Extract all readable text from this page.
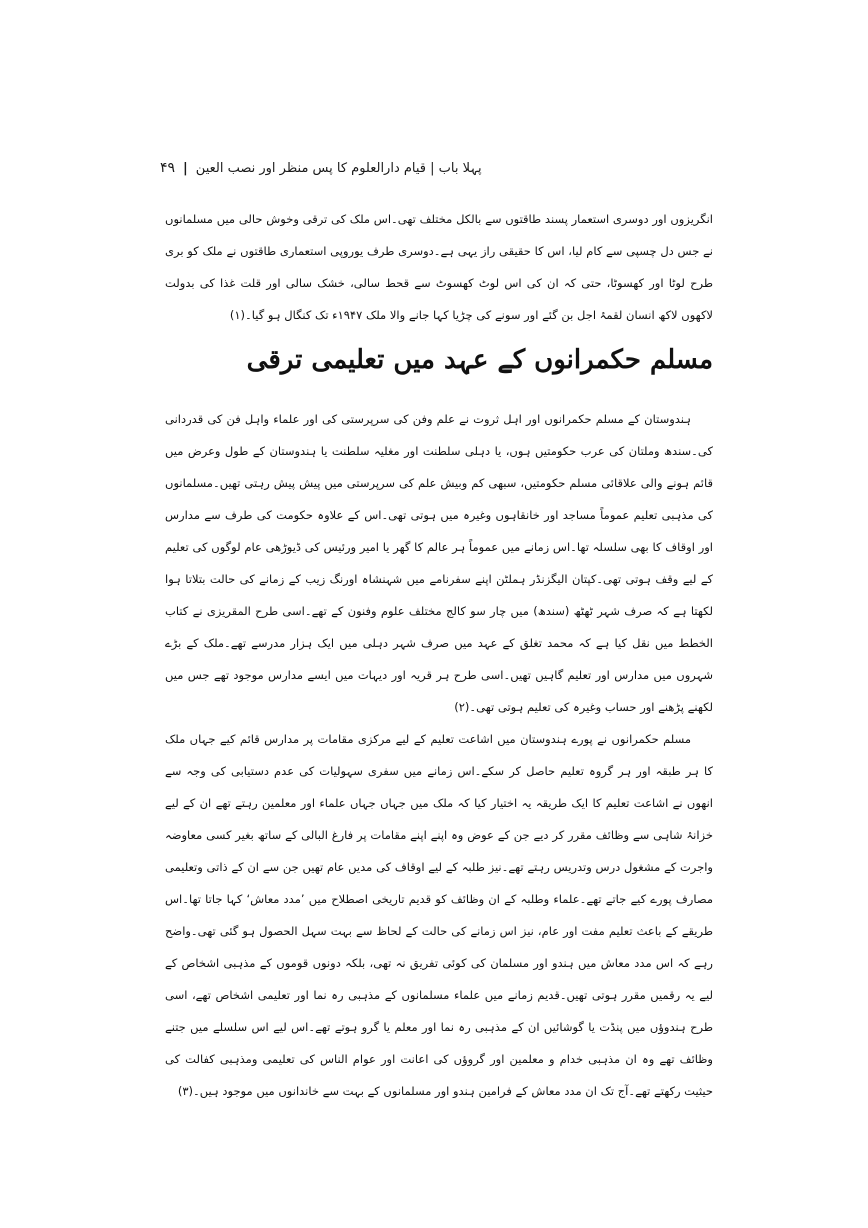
پہلا باب | قیام دارالعلوم کا پس منظر اور نصب العین
|
۴۹

انگریزوں اور دوسری استعمار پسند طاقتوں سے بالکل مختلف تھی۔اس ملک کی ترقی وخوش حالی میں مسلمانوں نے جس دل چسپی سے کام لیا، اس کا حقیقی راز یہی ہے۔دوسری طرف یوروپی استعماری طاقتوں نے ملک کو بری طرح لوٹا اور کھسوٹا، حتی کہ ان کی اس لوٹ کھسوٹ سے قحط سالی، خشک سالی اور قلت غذا کی بدولت لاکھوں لاکھ انسان لقمۂ اجل بن گئے اور سونے کی چڑیا کہا جانے والا ملک ۱۹۴۷ء تک کنگال ہو گیا۔(۱)

مسلم حکمرانوں کے عہد میں تعلیمی ترقی

ہندوستان کے مسلم حکمرانوں اور اہل ثروت نے علم وفن کی سرپرستی کی اور علماء واہل فن کی قدردانی کی۔سندھ وملتان کی عرب حکومتیں ہوں، یا دہلی سلطنت اور مغلیہ سلطنت یا ہندوستان کے طول وعرض میں قائم ہونے والی علاقائی مسلم حکومتیں، سبھی کم وبیش علم کی سرپرستی میں پیش پیش رہتی تھیں۔مسلمانوں کی مذہبی تعلیم عموماً مساجد اور خانقاہوں وغیرہ میں ہوتی تھی۔اس کے علاوہ حکومت کی طرف سے مدارس اور اوقاف کا بھی سلسلہ تھا۔اس زمانے میں عموماً ہر عالم کا گھر یا امیر ورئیس کی ڈیوڑھی عام لوگوں کی تعلیم کے لیے وقف ہوتی تھی۔کپتان الیگزنڈر ہملٹن اپنے سفرنامے میں شہنشاہ اورنگ زیب کے زمانے کی حالت بتلاتا ہوا لکھتا ہے کہ صرف شہر ٹھٹھ (سندھ) میں چار سو کالج مختلف علوم وفنون کے تھے۔اسی طرح المقریزی نے کتاب الخطط میں نقل کیا ہے کہ محمد تغلق کے عہد میں صرف شہر دہلی میں ایک ہزار مدرسے تھے۔ملک کے بڑے شہروں میں مدارس اور تعلیم گاہیں تھیں۔اسی طرح ہر قریہ اور دیہات میں ایسے مدارس موجود تھے جس میں لکھنے پڑھنے اور حساب وغیرہ کی تعلیم ہوتی تھی۔(۲)

مسلم حکمرانوں نے پورے ہندوستان میں اشاعت تعلیم کے لیے مرکزی مقامات پر مدارس قائم کیے جہاں ملک کا ہر طبقہ اور ہر گروہ تعلیم حاصل کر سکے۔اس زمانے میں سفری سہولیات کی عدم دستیابی کی وجہ سے انھوں نے اشاعت تعلیم کا ایک طریقہ یہ اختیار کیا کہ ملک میں جہاں جہاں علماء اور معلمین رہتے تھے ان کے لیے خزانۂ شاہی سے وظائف مقرر کر دیے جن کے عوض وہ اپنے اپنے مقامات پر فارغ البالی کے ساتھ بغیر کسی معاوضہ واجرت کے مشغول درس وتدریس رہتے تھے۔نیز طلبہ کے لیے اوقاف کی مدیں عام تھیں جن سے ان کے ذاتی وتعلیمی مصارف پورے کیے جاتے تھے۔علماء وطلبہ کے ان وظائف کو قدیم تاریخی اصطلاح میں ’مدد معاش‘ کہا جاتا تھا۔اس طریقے کے باعث تعلیم مفت اور عام، نیز اس زمانے کی حالت کے لحاظ سے بہت سہل الحصول ہو گئی تھی۔واضح رہے کہ اس مدد معاش میں ہندو اور مسلمان کی کوئی تفریق نہ تھی، بلکہ دونوں قوموں کے مذہبی اشخاص کے لیے یہ رقمیں مقرر ہوتی تھیں۔قدیم زمانے میں علماء مسلمانوں کے مذہبی رہ نما اور تعلیمی اشخاص تھے، اسی طرح ہندوؤں میں پنڈت یا گوشائیں ان کے مذہبی رہ نما اور معلم یا گرو ہوتے تھے۔اس لیے اس سلسلے میں جتنے وظائف تھے وہ ان مذہبی خدام و معلمین اور گروؤں کی اعانت اور عوام الناس کی تعلیمی ومذہبی کفالت کی حیثیت رکھتے تھے۔آج تک ان مدد معاش کے فرامین ہندو اور مسلمانوں کے بہت سے خاندانوں میں موجود ہیں۔(۳)
